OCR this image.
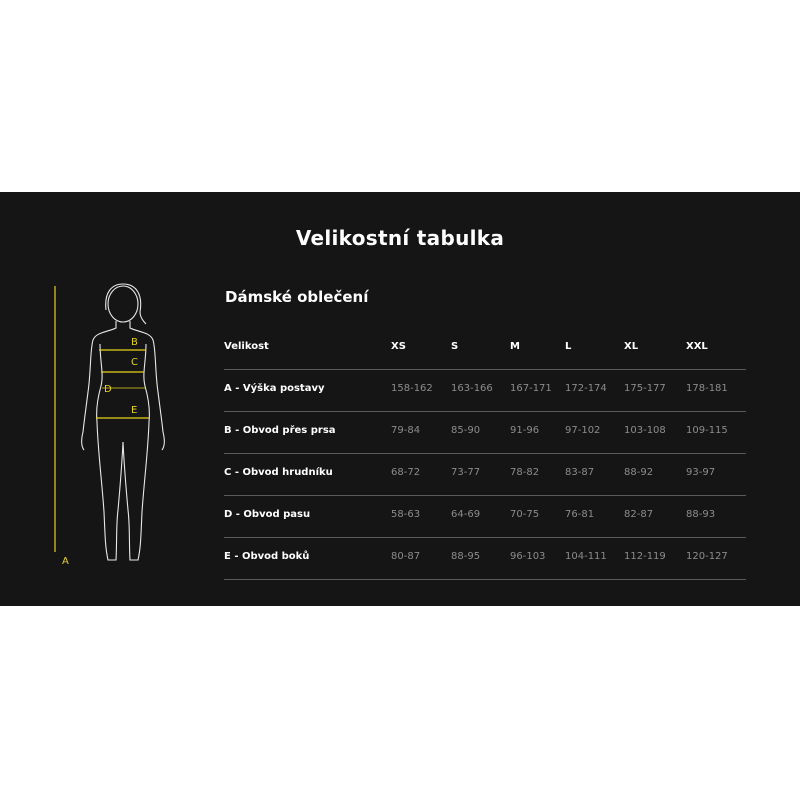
Velikostní tabulka
A
B
C
D
E
Dámské oblečení
Velikost	XS	S	M	L	XL	XXL
A - Výška postavy	158-162 163-166 167-171 172-174 175-177 178-181
B - Obvod přes prsa	79-84	85-90	91-96	97-102 103-108 109-115
C - Obvod hrudníku	68-72	73-77	78-82	83-87	88-92	93-97
D - Obvod pasu	58-63	64-69	70-75	76-81	82-87	88-93
E - Obvod boků	80-87	88-95	96-103 104-111 112-119 120-127
